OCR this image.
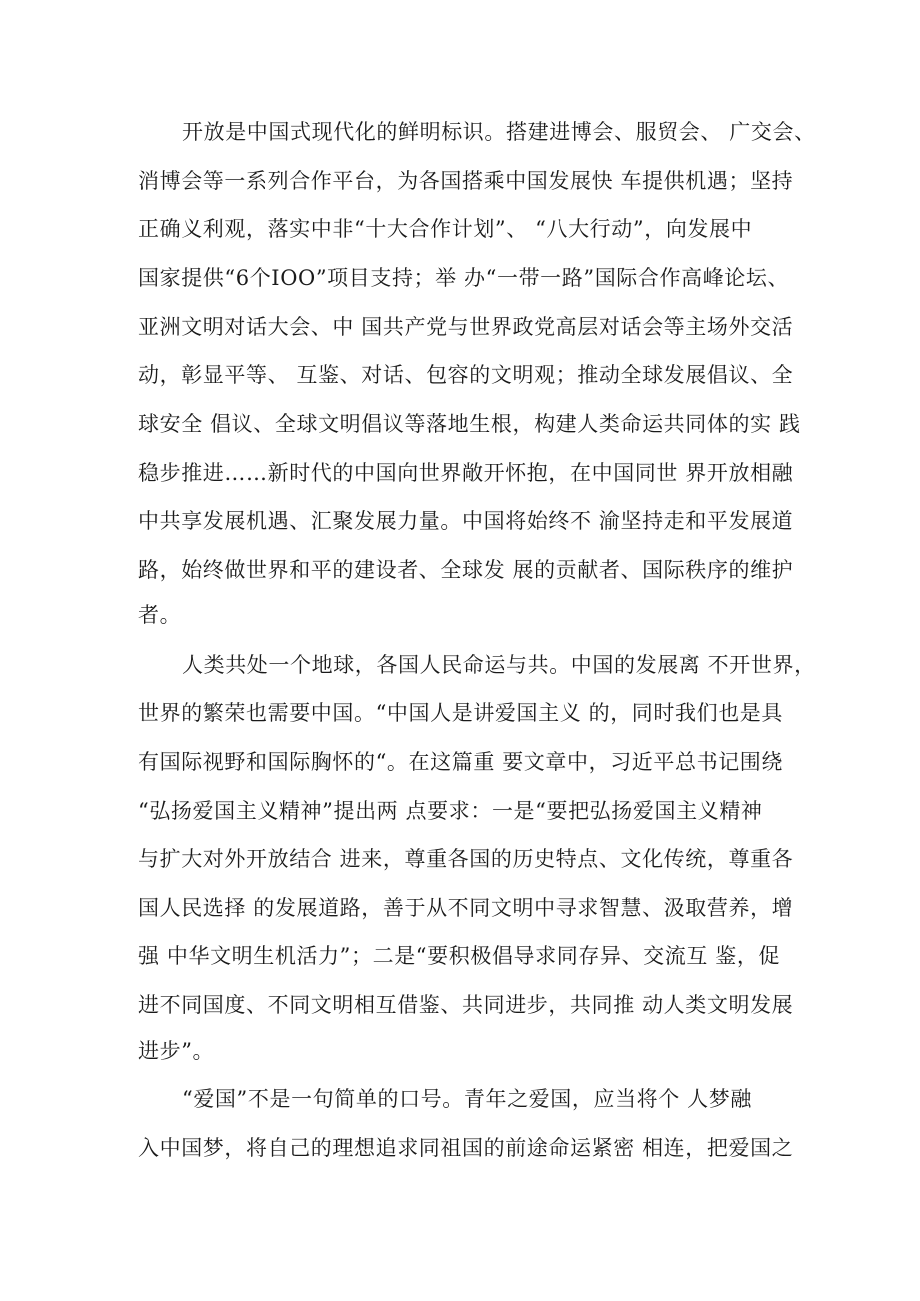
开放是中国式现代化的鲜明标识。搭建进博会、服贸会、 广交会、
消博会等一系列合作平台，为各国搭乘中国发展快 车提供机遇；坚持
正确义利观，落实中非“十大合作计划”、 “八大行动”，向发展中
国家提供“6个IOO”项目支持；举 办“一带一路”国际合作高峰论坛、
亚洲文明对话大会、中 国共产党与世界政党高层对话会等主场外交活
动，彰显平等、 互鉴、对话、包容的文明观；推动全球发展倡议、全
球安全 倡议、全球文明倡议等落地生根，构建人类命运共同体的实 践
稳步推进……新时代的中国向世界敞开怀抱，在中国同世 界开放相融
中共享发展机遇、汇聚发展力量。中国将始终不 渝坚持走和平发展道
路，始终做世界和平的建设者、全球发 展的贡献者、国际秩序的维护
者。
人类共处一个地球，各国人民命运与共。中国的发展离 不开世界，
世界的繁荣也需要中国。“中国人是讲爱国主义 的，同时我们也是具
有国际视野和国际胸怀的“。在这篇重 要文章中，习近平总书记围绕
“弘扬爱国主义精神”提出两 点要求：一是“要把弘扬爱国主义精神
与扩大对外开放结合 进来，尊重各国的历史特点、文化传统，尊重各
国人民选择 的发展道路，善于从不同文明中寻求智慧、汲取营养，增
强 中华文明生机活力”；二是“要积极倡导求同存异、交流互 鉴，促
进不同国度、不同文明相互借鉴、共同进步，共同推 动人类文明发展
进步”。
“爱国”不是一句简单的口号。青年之爱国，应当将个 人梦融
入中国梦，将自己的理想追求同祖国的前途命运紧密 相连，把爱国之
